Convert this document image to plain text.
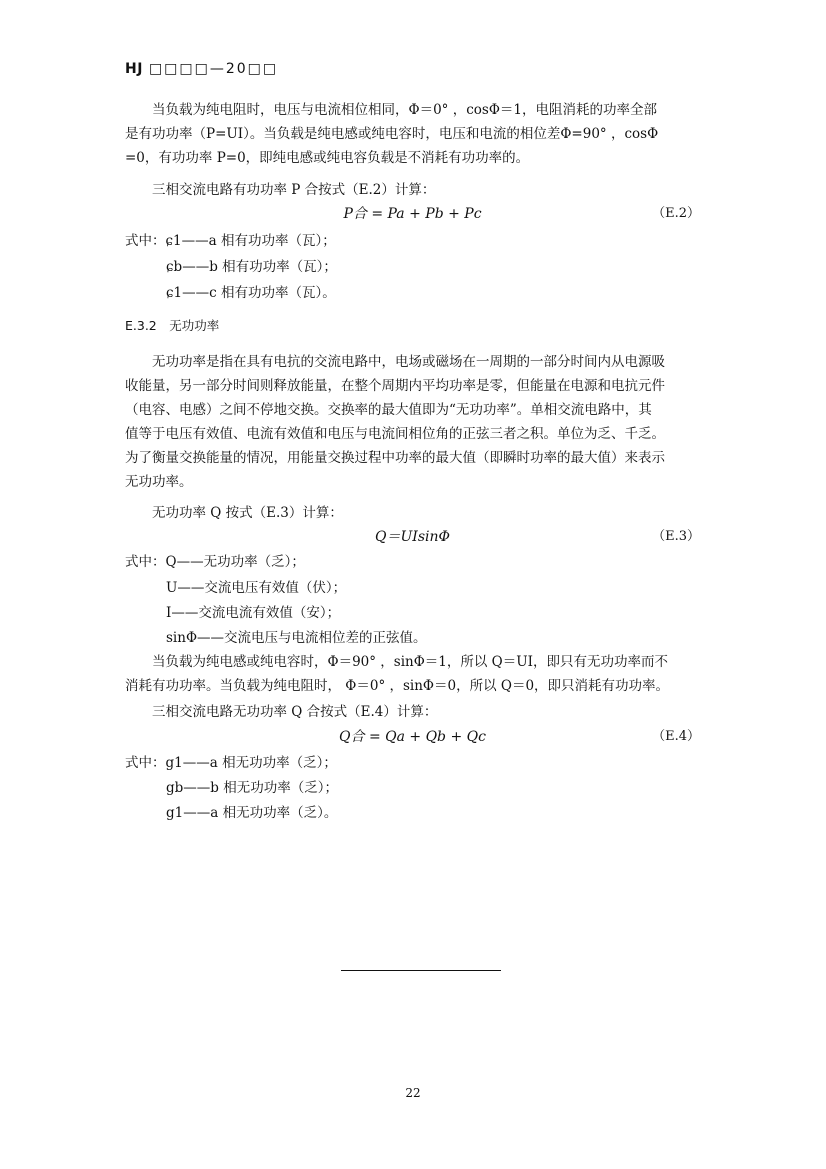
HJ □□□□—20□□
当负载为纯电阻时，电压与电流相位相同，Φ＝0° ，cosΦ＝1，电阻消耗的功率全部
是有功功率（P=UI）。当负载是纯电感或纯电容时，电压和电流的相位差Φ=90° ，cosΦ
=0，有功功率 P=0，即纯电感或纯电容负载是不消耗有功功率的。
三相交流电路有功功率 P 合按式（E.2）计算：
P合 = Pa + Pb + Pc	（E.2）
式中：ɕ1——a 相有功功率（瓦）；
ɕb——b 相有功功率（瓦）；
ɕ1——c 相有功功率（瓦）。
E.3.2　无功功率
无功功率是指在具有电抗的交流电路中，电场或磁场在一周期的一部分时间内从电源吸
收能量，另一部分时间则释放能量，在整个周期内平均功率是零，但能量在电源和电抗元件
（电容、电感）之间不停地交换。交换率的最大值即为“无功功率”。单相交流电路中，其
值等于电压有效值、电流有效值和电压与电流间相位角的正弦三者之积。单位为乏、千乏。
为了衡量交换能量的情况，用能量交换过程中功率的最大值（即瞬时功率的最大值）来表示
无功功率。
无功功率 Q 按式（E.3）计算：
Q＝UIsinΦ	（E.3）
式中：Q——无功功率（乏）；
U——交流电压有效值（伏）；
I——交流电流有效值（安）；
sinΦ——交流电压与电流相位差的正弦值。
当负载为纯电感或纯电容时，Φ＝90° ，sinΦ＝1，所以 Q＝UI，即只有无功功率而不
消耗有功功率。当负载为纯电阻时， Φ＝0° ，sinΦ＝0，所以 Q＝0，即只消耗有功功率。
三相交流电路无功功率 Q 合按式（E.4）计算：
Q合 = Qa + Qb + Qc	（E.4）
式中：g1——a 相无功功率（乏）；
gb——b 相无功功率（乏）；
g1——a 相无功功率（乏）。
22
